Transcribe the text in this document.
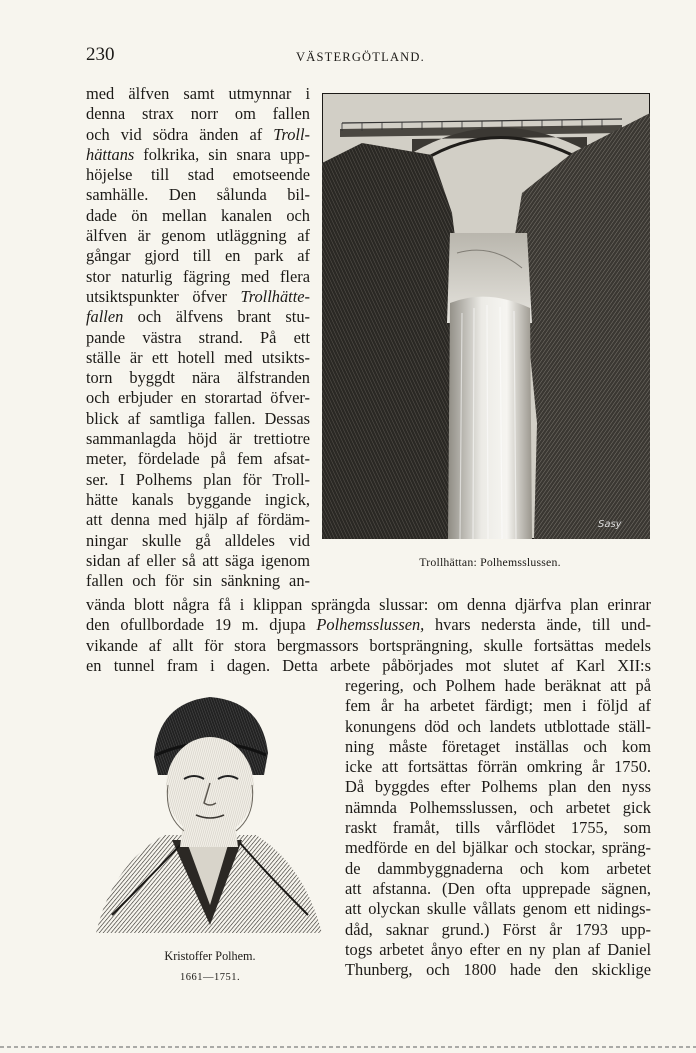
230	VÄSTERGÖTLAND.
med älfven samt utmynnar i
denna strax norr om fallen
och vid södra änden af Troll-
hättans folkrika, sin snara upp-
höjelse till stad emotseende
samhälle. Den sålunda bil-
dade ön mellan kanalen och
älfven är genom utläggning af
gångar gjord till en park af
stor naturlig fägring med flera
utsiktspunkter öfver Trollhätte-
fallen och älfvens brant stu-
pande västra strand. På ett
ställe är ett hotell med utsikts-
torn byggdt nära älfstranden
och erbjuder en storartad öfver-
blick af samtliga fallen. Dessas
sammanlagda höjd är trettiotre
meter, fördelade på fem afsat-
ser. I Polhems plan för Troll-
hätte kanals byggande ingick,
att denna med hjälp af fördäm-
ningar skulle gå alldeles vid
sidan af eller så att säga igenom
fallen och för sin sänkning an-
vända blott några få i klippan sprängda slussar: om denna djärfva plan erinrar
den ofullbordade 19 m. djupa Polhemsslussen, hvars nedersta ände, till und-
vikande af allt för stora bergmassors bortsprängning, skulle fortsättas medels
en tunnel fram i dagen. Detta arbete påbörjades mot slutet af Karl XII:s
regering, och Polhem hade beräknat att på
fem år ha arbetet färdigt; men i följd af
konungens död och landets utblottade ställ-
ning måste företaget inställas och kom
icke att fortsättas förrän omkring år 1750.
Då byggdes efter Polhems plan den nyss
nämnda Polhemsslussen, och arbetet gick
raskt framåt, tills vårflödet 1755, som
medförde en del bjälkar och stockar, spräng-
de dammbyggnaderna och kom arbetet
att afstanna. (Den ofta upprepade sägnen,
att olyckan skulle vållats genom ett nidings-
dåd, saknar grund.) Först år 1793 upp-
togs arbetet ånyo efter en ny plan af Daniel
Thunberg, och 1800 hade den skicklige
Sasy
Trollhättan: Polhemsslussen.
Kristoffer Polhem.
1661—1751.
